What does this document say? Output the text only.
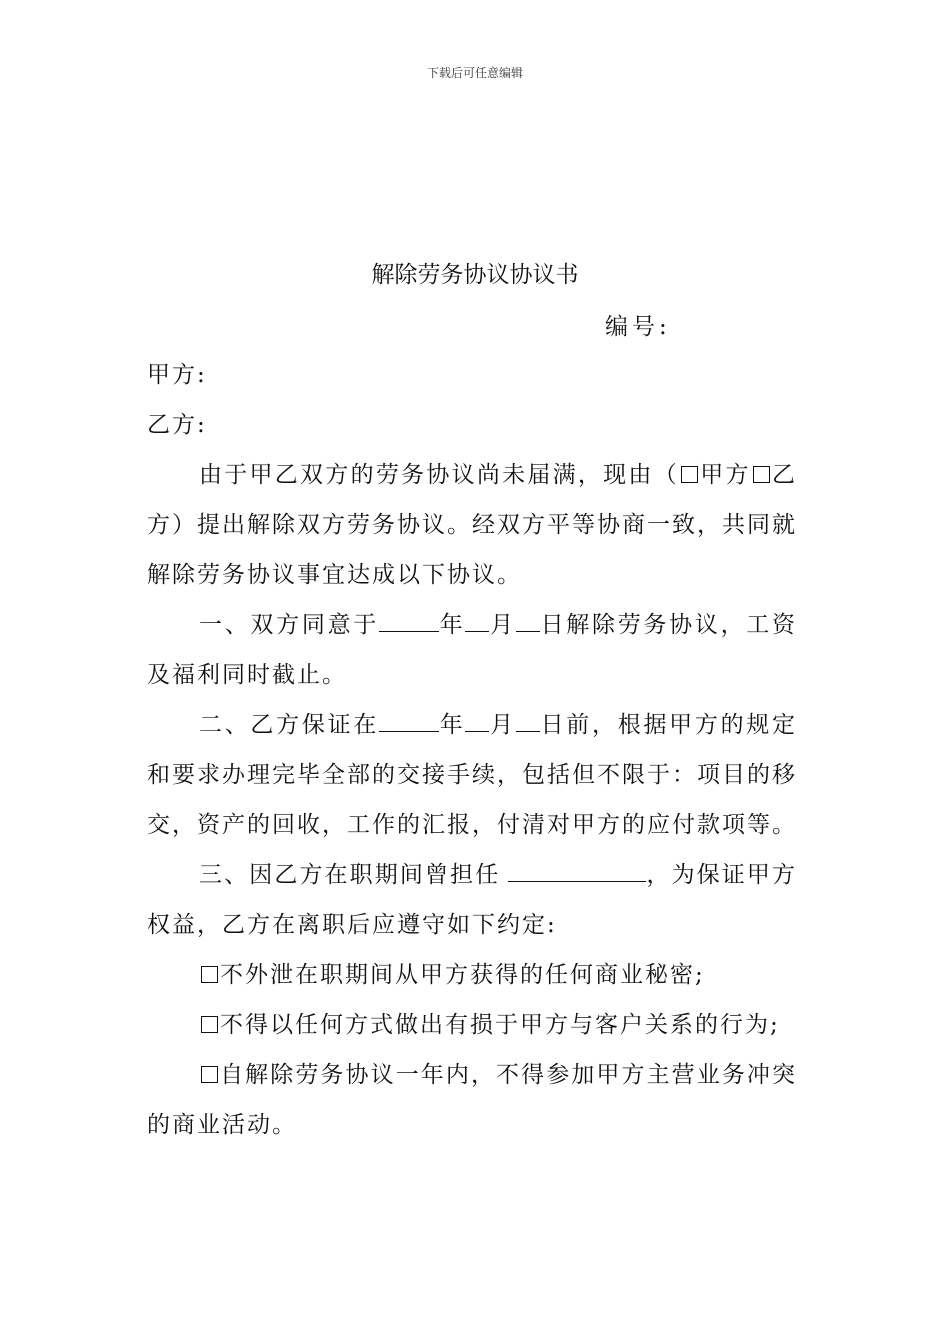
下载后可任意编辑
解除劳务协议协议书
编号:

甲方:

乙方:

由于甲乙双方的劳务协议尚未届满，现由（ 甲方 乙方）提出解除双方劳务协议。经双方平等协商一致，共同就解除劳务协议事宜达成以下协议。

一、双方同意于	年 月 日解除劳务协议，工资及福利同时截止。

二、乙方保证在	年 月 日前，根据甲方的规定和要求办理完毕全部的交接手续，包括但不限于：项目的移交，资产的回收，工作的汇报，付清对甲方的应付款项等。

三、因乙方在职期间曾担任	，为保证甲方权益，乙方在离职后应遵守如下约定:

不外泄在职期间从甲方获得的任何商业秘密;

不得以任何方式做出有损于甲方与客户关系的行为;

自解除劳务协议一年内，不得参加甲方主营业务冲突的商业活动。
